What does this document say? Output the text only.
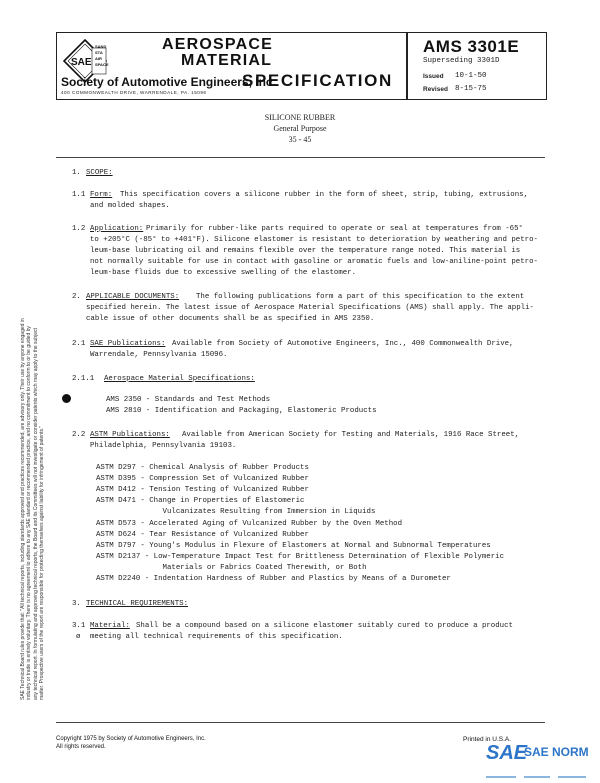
SAE Technical Board rules provide that: "All technical reports, including standards approved and practices recommended, are advisory only. Their use by anyone engaged in industry or trade is entirely voluntary. There is no agreement to adhere to any SAE standard or recommended practice, and no commitment to conform to or be guided by any technical report. In formulating and approving technical reports, the Board and its Committees will not investigate or consider patents which may apply to the subject matter. Prospective users of the report are responsible for protecting themselves against liability for infringement of patents."
SAE
SAND
STA
AIR
SPACE
AEROSPACE
MATERIAL
SPECIFICATION
Society of Automotive Engineers, Inc.
400 COMMONWEALTH DRIVE, WARRENDALE, PA. 15096
AMS 3301E
Superseding 3301D
Issued 10-1-50
Revised 8-15-75
SILICONE RUBBER
General Purpose
35 - 45
1. SCOPE:
1.1 Form: This specification covers a silicone rubber in the form of sheet, strip, tubing, extrusions,
and molded shapes.
1.2 Application: Primarily for rubber-like parts required to operate or seal at temperatures from -65°
to +205°C (-85° to +401°F). Silicone elastomer is resistant to deterioration by weathering and petro-
leum-base lubricating oil and remains flexible over the temperature range noted. This material is
not normally suitable for use in contact with gasoline or aromatic fuels and low-aniline-point petro-
leum-base fluids due to excessive swelling of the elastomer.
2. APPLICABLE DOCUMENTS: The following publications form a part of this specification to the extent
specified herein. The latest issue of Aerospace Material Specifications (AMS) shall apply. The appli-
cable issue of other documents shall be as specified in AMS 2350.
2.1 SAE Publications: Available from Society of Automotive Engineers, Inc., 400 Commonwealth Drive,
Warrendale, Pennsylvania 15096.
2.1.1 Aerospace Material Specifications:
AMS 2350 - Standards and Test Methods
AMS 2810 - Identification and Packaging, Elastomeric Products
2.2 ASTM Publications: Available from American Society for Testing and Materials, 1916 Race Street,
Philadelphia, Pennsylvania 19103.
ASTM D297 - Chemical Analysis of Rubber Products
ASTM D395 - Compression Set of Vulcanized Rubber
ASTM D412 - Tension Testing of Vulcanized Rubber
ASTM D471 - Change in Properties of Elastomeric
Vulcanizates Resulting from Immersion in Liquids
ASTM D573 - Accelerated Aging of Vulcanized Rubber by the Oven Method
ASTM D624 - Tear Resistance of Vulcanized Rubber
ASTM D797 - Young's Modulus in Flexure of Elastomers at Normal and Subnormal Temperatures
ASTM D2137 - Low-Temperature Impact Test for Brittleness Determination of Flexible Polymeric
Materials or Fabrics Coated Therewith, or Both
ASTM D2240 - Indentation Hardness of Rubber and Plastics by Means of a Durometer
3. TECHNICAL REQUIREMENTS:
3.1 Material: Shall be a compound based on a silicone elastomer suitably cured to produce a product
ø meeting all technical requirements of this specification.
Copyright 1975 by Society of Automotive Engineers, Inc.
All rights reserved.
Printed in U.S.A.
SAE
SAE NORM
